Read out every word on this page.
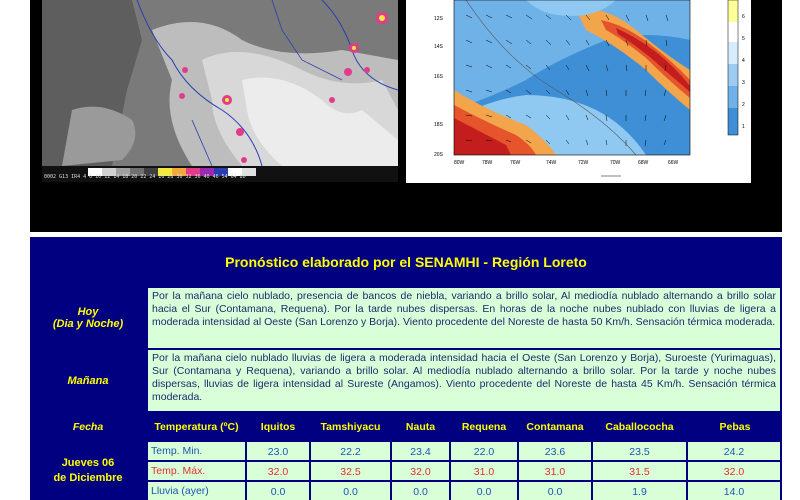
0002 G13 IR4 4 6 10 12 14 18 20 22 24 26 28 30 32 36 40 46 54 64 80
12S
14S
16S
18S
20S
80W	78W	76W	74W	72W	70W	68W	66W
6
5
4
3
2
1
Pronóstico elaborado por el SENAMHI - Región Loreto
Hoy
(Dia y Noche)
Por la mañana cielo nublado, presencia de bancos de niebla, variando a brillo solar, Al mediodía nublado alternando a brillo solar hacia el Sur (Contamana, Requena). Por la tarde nubes dispersas. En horas de la noche nubes nublado con lluvias de ligera a moderada intensidad al Oeste (San Lorenzo y Borja). Viento procedente del Noreste de hasta 50 Km/h. Sensación térmica moderada.
Mañana
Por la mañana cielo nublado lluvias de ligera a moderada intensidad hacia el Oeste (San Lorenzo y Borja), Suroeste (Yurimaguas), Sur (Contamana y Requena), variando a brillo solar. Al mediodía nublado alternando a brillo solar. Por la tarde y noche nubes dispersas, lluvias de ligera intensidad al Sureste (Angamos). Viento procedente del Noreste de hasta 45 Km/h. Sensación térmica moderada.
Fecha	Temperatura (ºC)	Iquitos	Tamshiyacu	Nauta	Requena	Contamana	Caballococha	Pebas
Jueves 06
de Diciembre
Temp. Min.	23.0	22.2	23.4	22.0	23.6	23.5	24.2
Temp. Máx.	32.0	32.5	32.0	31.0	31.0	31.5	32.0
Lluvia (ayer)	0.0	0.0	0.0	0.0	0.0	1.9	14.0
